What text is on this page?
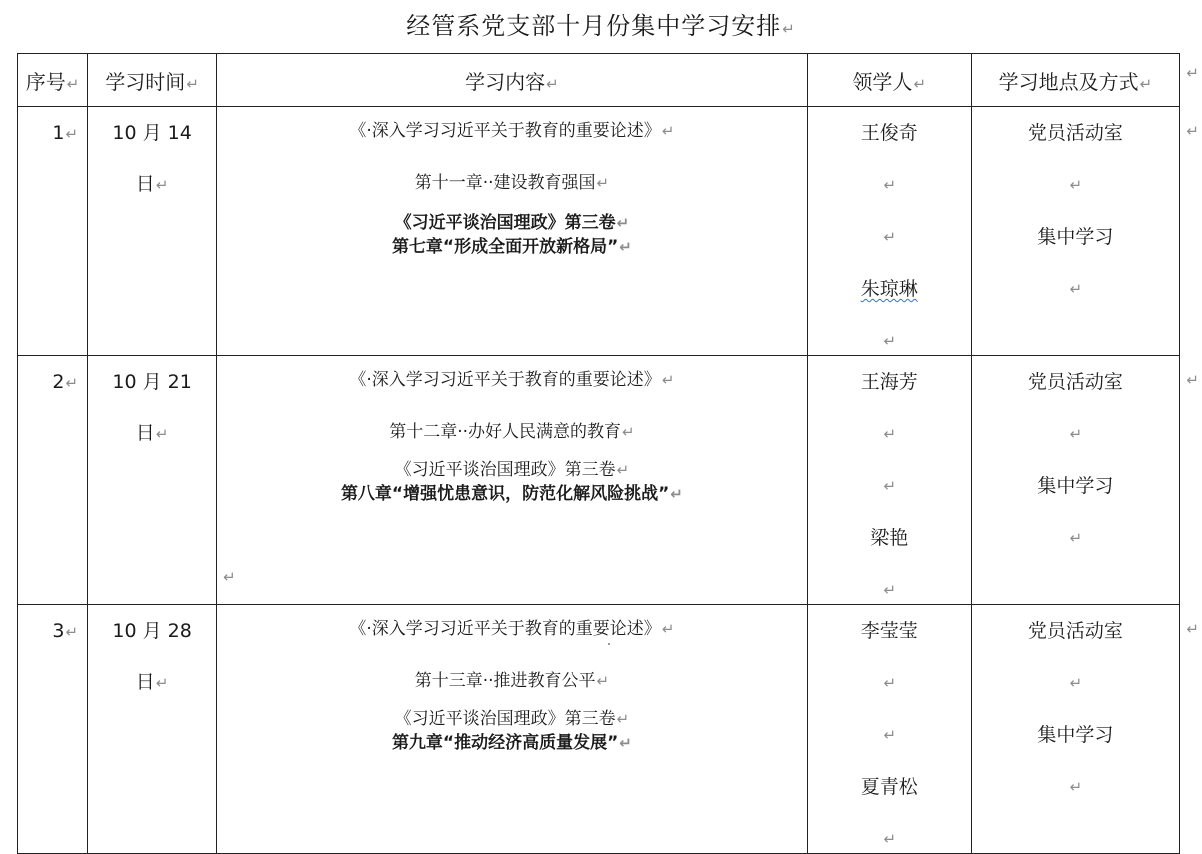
经管系党支部十月份集中学习安排↵
序号↵	学习时间↵	学习内容↵	领学人↵	学习地点及方式↵
↵

1↵	10 月 14
日↵	《·深入学习习近平关于教育的重要论述》↵
第十一章··建设教育强国↵
《习近平谈治国理政》第三卷↵
第七章“形成全面开放新格局”↵	王俊奇
↵
↵
朱琼琳
↵	党员活动室
↵
集中学习
↵
↵

2↵	10 月 21
日↵	《·深入学习习近平关于教育的重要论述》↵
第十二章··办好人民满意的教育↵
《习近平谈治国理政》第三卷↵
第八章“增强忧患意识，防范化解风险挑战”↵
↵	王海芳
↵
↵
梁艳
↵	党员活动室
↵
集中学习
↵
↵

3↵	10 月 28
日↵	《·深入学习习近平关于教育的重要论述》↵
第十三章··推进教育公平↵
《习近平谈治国理政》第三卷↵
第九章“推动经济高质量发展”↵	李莹莹
↵
↵
夏青松
↵	党员活动室
↵
集中学习
↵
↵
